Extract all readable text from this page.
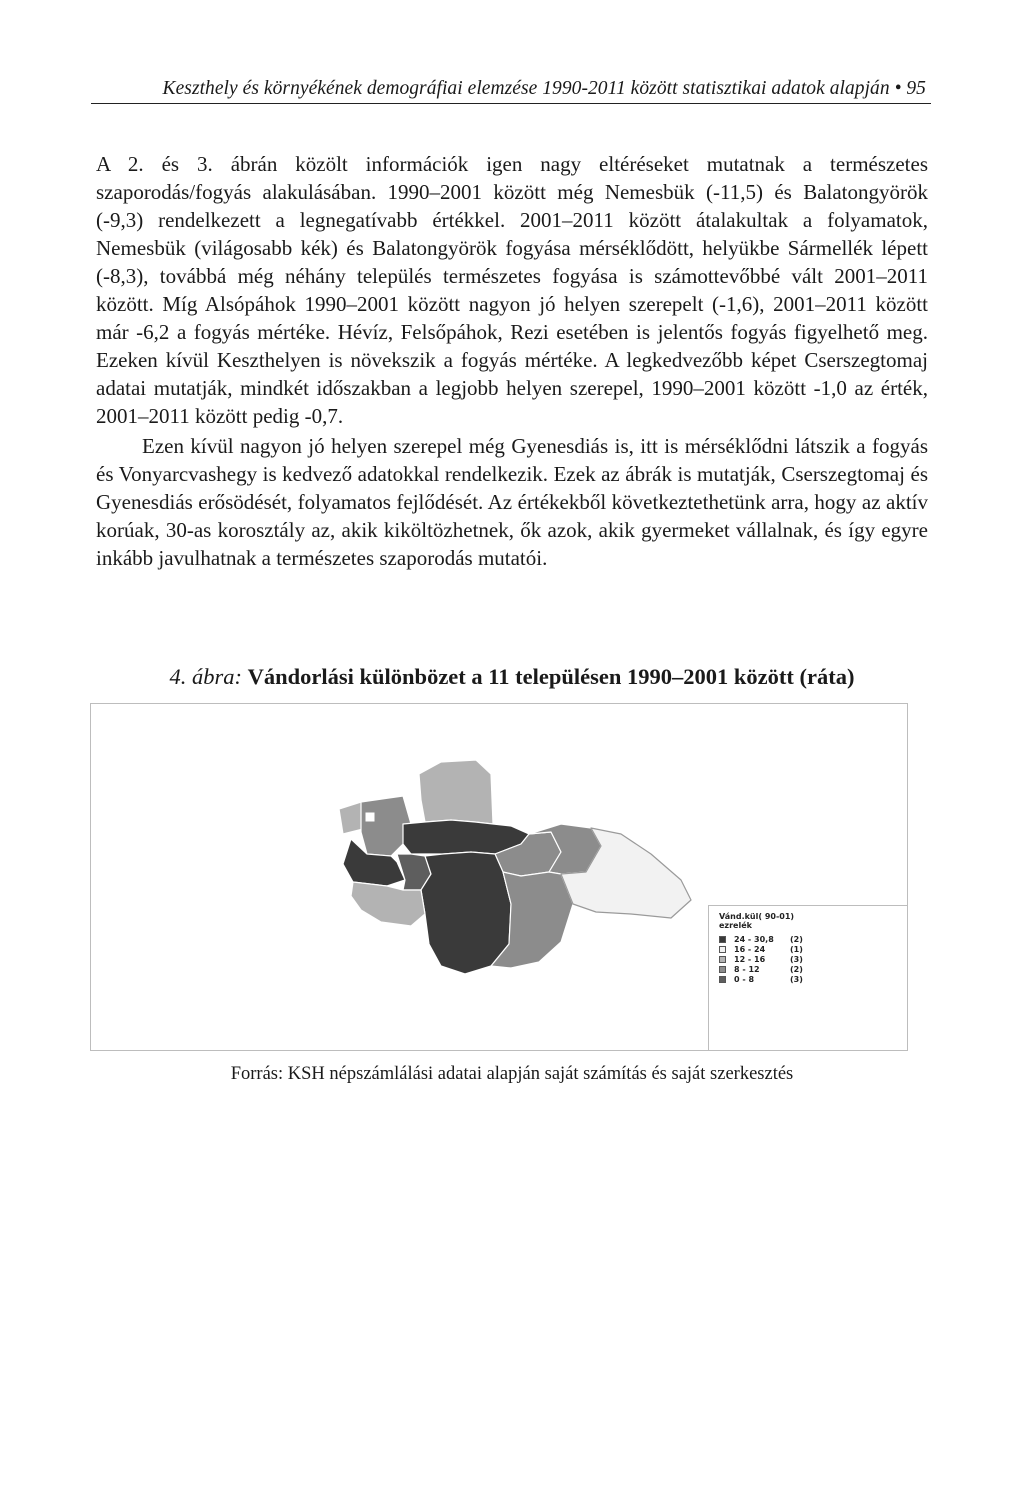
Keszthely és környékének demográfiai elemzése 1990-2011 között statisztikai adatok alapján • 95

A 2. és 3. ábrán közölt információk igen nagy eltéréseket mutatnak a természetes szaporodás/fogyás alakulásában. 1990–2001 között még Nemesbük (-11,5) és Balatongyörök (-9,3) rendelkezett a legnegatívabb értékkel. 2001–2011 között átalakultak a folyamatok, Nemesbük (világosabb kék) és Balatongyörök fogyása mérséklődött, helyükbe Sármellék lépett (-8,3), továbbá még néhány település természetes fogyása is számottevőbbé vált 2001–2011 között. Míg Alsópáhok 1990–2001 között nagyon jó helyen szerepelt (-1,6), 2001–2011 között már -6,2 a fogyás mértéke. Hévíz, Felsőpáhok, Rezi esetében is jelentős fogyás figyelhető meg. Ezeken kívül Keszthelyen is növekszik a fogyás mértéke. A legkedvezőbb képet Cserszegtomaj adatai mutatják, mindkét időszakban a legjobb helyen szerepel, 1990–2001 között -1,0 az érték, 2001–2011 között pedig -0,7.

Ezen kívül nagyon jó helyen szerepel még Gyenesdiás is, itt is mérséklődni látszik a fogyás és Vonyarcvashegy is kedvező adatokkal rendelkezik. Ezek az ábrák is mutatják, Cserszegtomaj és Gyenesdiás erősödését, folyamatos fejlődését. Az értékekből következtethetünk arra, hogy az aktív korúak, 30-as korosztály az, akik kiköltözhetnek, ők azok, akik gyermeket vállalnak, és így egyre inkább javulhatnak a természetes szaporodás mutatói.

4. ábra: Vándorlási különbözet a 11 településen 1990–2001 között (ráta)
Vánd.kül( 90-01)
ezrelék
24 - 30,8	(2)
16 - 24	(1)
12 - 16	(3)
8 - 12	(2)
0 - 8	(3)
Forrás: KSH népszámlálási adatai alapján saját számítás és saját szerkesztés
